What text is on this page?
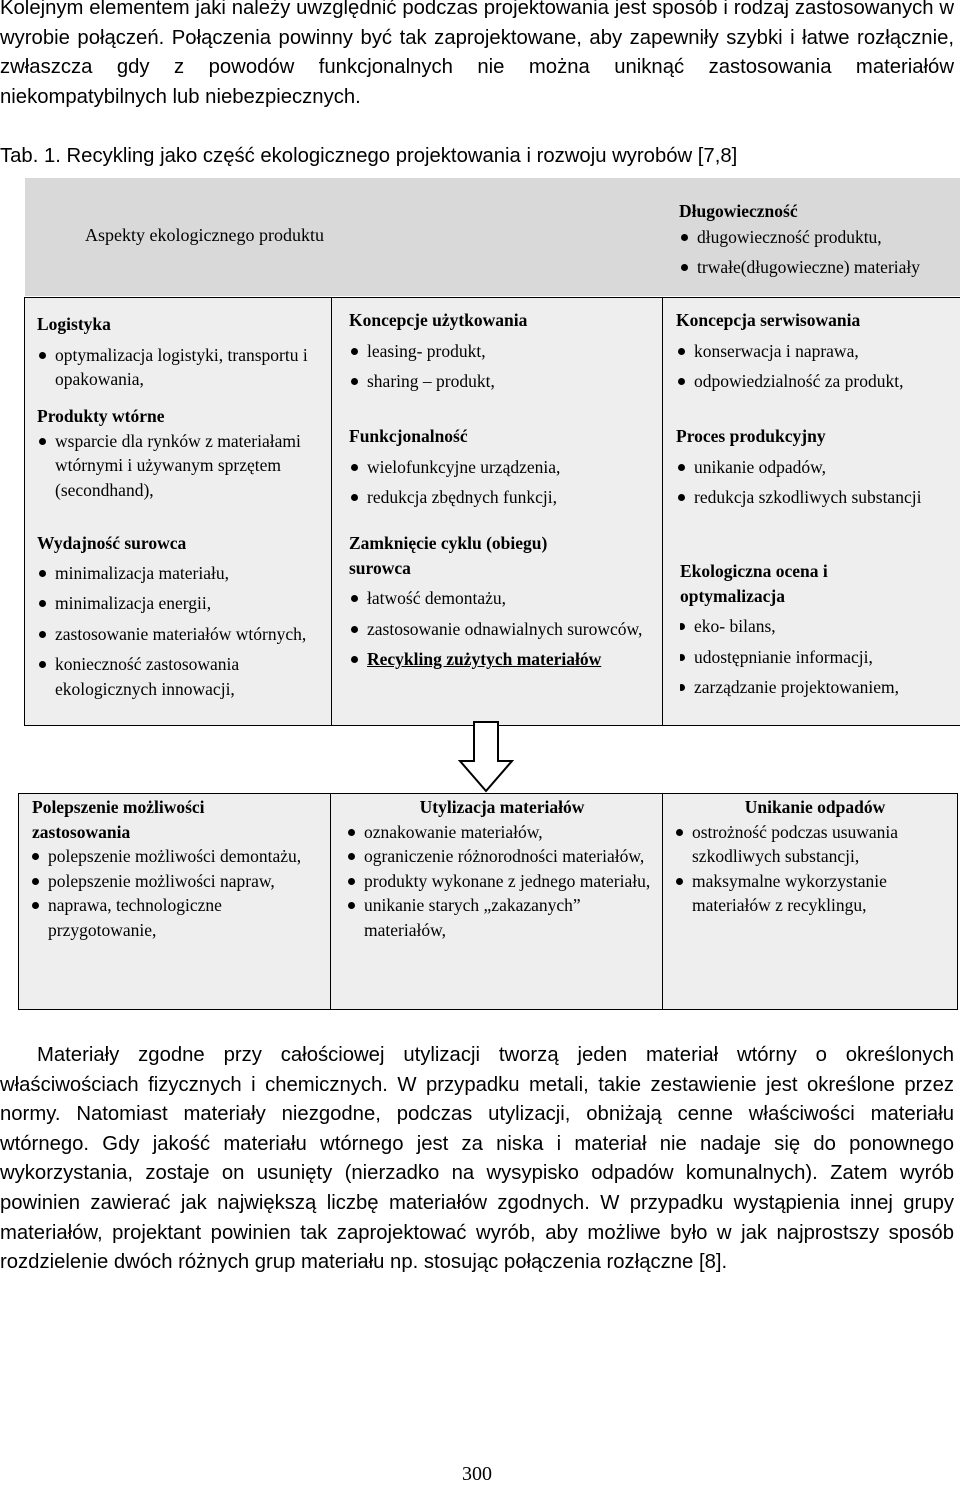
Kolejnym elementem jaki należy uwzględnić podczas projektowania jest sposób i rodzaj zastosowanych w wyrobie połączeń. Połączenia powinny być tak zaprojektowane, aby zapewniły szybki i łatwe rozłącznie, zwłaszcza gdy z powodów funkcjonalnych nie można uniknąć zastosowania materiałów niekompatybilnych lub niebezpiecznych.

Tab. 1. Recykling jako część ekologicznego projektowania i rozwoju wyrobów [7,8]

Aspekty ekologicznego produktu
Długowieczność
długowieczność produktu,
trwałe(długowieczne) materiały
Logistyka
optymalizacja logistyki, transportu i opakowania,
Produkty wtórne
wsparcie dla rynków z materiałami wtórnymi i używanym sprzętem (secondhand),
Wydajność surowca
minimalizacja materiału,
minimalizacja energii,
zastosowanie materiałów wtórnych,
konieczność zastosowania ekologicznych innowacji,
Koncepcje użytkowania
leasing- produkt,
sharing – produkt,
Funkcjonalność
wielofunkcyjne urządzenia,
redukcja zbędnych funkcji,
Zamknięcie cyklu (obiegu) surowca
łatwość demontażu,
zastosowanie odnawialnych surowców,
Recykling zużytych materiałów
Koncepcja serwisowania
konserwacja i naprawa,
odpowiedzialność za produkt,
Proces produkcyjny
unikanie odpadów,
redukcja szkodliwych substancji
Ekologiczna ocena i optymalizacja
eko- bilans,
udostępnianie informacji,
zarządzanie projektowaniem,
Polepszenie możliwości zastosowania
polepszenie możliwości demontażu,
polepszenie możliwości napraw,
naprawa, technologiczne przygotowanie,
Utylizacja materiałów
oznakowanie materiałów,
ograniczenie różnorodności materiałów,
produkty wykonane z jednego materiału,
unikanie starych „zakazanych” materiałów,
Unikanie odpadów
ostrożność podczas usuwania szkodliwych substancji,
maksymalne wykorzystanie materiałów z recyklingu,

Materiały zgodne przy całościowej utylizacji tworzą jeden materiał wtórny o określonych właściwościach fizycznych i chemicznych. W przypadku metali, takie zestawienie jest określone przez normy. Natomiast materiały niezgodne, podczas utylizacji, obniżają cenne właściwości materiału wtórnego. Gdy jakość materiału wtórnego jest za niska i materiał nie nadaje się do ponownego wykorzystania, zostaje on usunięty (nierzadko na wysypisko odpadów komunalnych). Zatem wyrób powinien zawierać jak największą liczbę materiałów zgodnych. W przypadku wystąpienia innej grupy materiałów, projektant powinien tak zaprojektować wyrób, aby możliwe było w jak najprostszy sposób rozdzielenie dwóch różnych grup materiału np. stosując połączenia rozłączne [8].

300
